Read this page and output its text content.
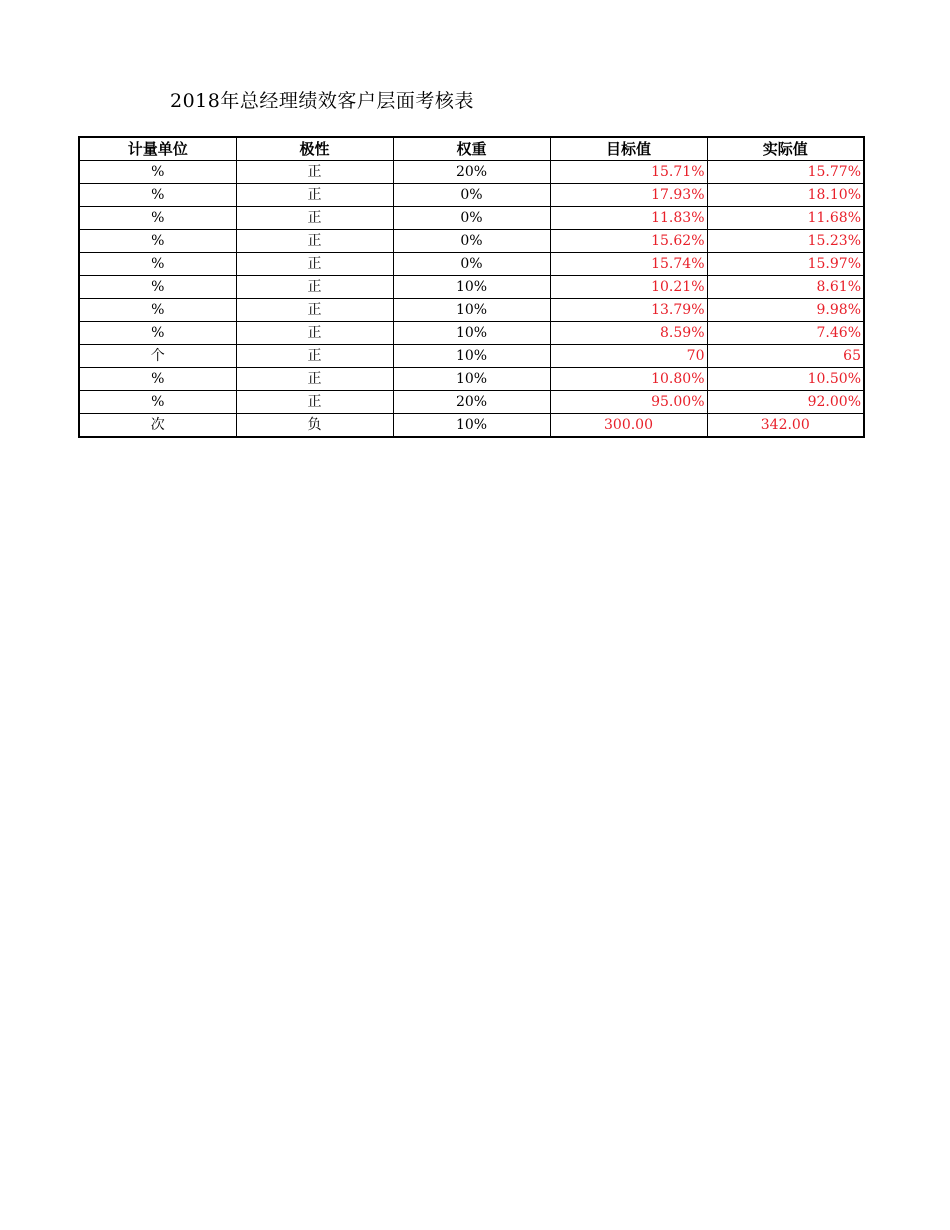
2018年总经理绩效客户层面考核表
计量单位	极性	权重	目标值	实际值
%	正	20%	15.71%	15.77%
%	正	0%	17.93%	18.10%
%	正	0%	11.83%	11.68%
%	正	0%	15.62%	15.23%
%	正	0%	15.74%	15.97%
%	正	10%	10.21%	8.61%
%	正	10%	13.79%	9.98%
%	正	10%	8.59%	7.46%
个	正	10%	70	65
%	正	10%	10.80%	10.50%
%	正	20%	95.00%	92.00%
次	负	10%	300.00	342.00
